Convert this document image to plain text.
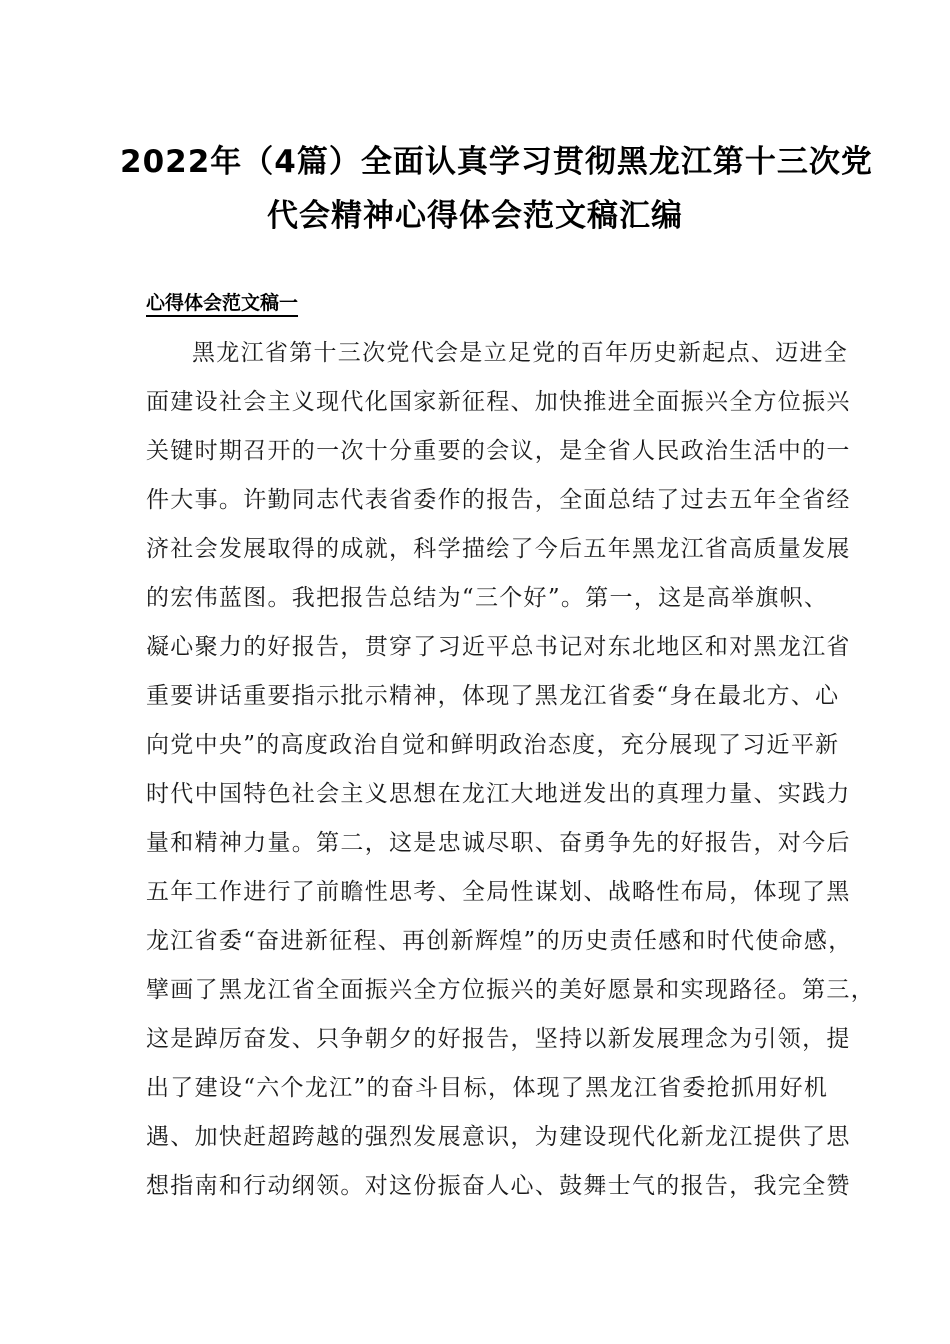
2022年（4篇）全面认真学习贯彻黑龙江第十三次党
代会精神心得体会范文稿汇编
心得体会范文稿一
黑龙江省第十三次党代会是立足党的百年历史新起点、迈进全
面建设社会主义现代化国家新征程、加快推进全面振兴全方位振兴
关键时期召开的一次十分重要的会议，是全省人民政治生活中的一
件大事。许勤同志代表省委作的报告，全面总结了过去五年全省经
济社会发展取得的成就，科学描绘了今后五年黑龙江省高质量发展
的宏伟蓝图。我把报告总结为“三个好”。第一，这是高举旗帜、
凝心聚力的好报告，贯穿了习近平总书记对东北地区和对黑龙江省
重要讲话重要指示批示精神，体现了黑龙江省委“身在最北方、心
向党中央”的高度政治自觉和鲜明政治态度，充分展现了习近平新
时代中国特色社会主义思想在龙江大地迸发出的真理力量、实践力
量和精神力量。第二，这是忠诚尽职、奋勇争先的好报告，对今后
五年工作进行了前瞻性思考、全局性谋划、战略性布局，体现了黑
龙江省委“奋进新征程、再创新辉煌”的历史责任感和时代使命感，
擘画了黑龙江省全面振兴全方位振兴的美好愿景和实现路径。第三，
这是踔厉奋发、只争朝夕的好报告，坚持以新发展理念为引领，提
出了建设“六个龙江”的奋斗目标，体现了黑龙江省委抢抓用好机
遇、加快赶超跨越的强烈发展意识，为建设现代化新龙江提供了思
想指南和行动纲领。对这份振奋人心、鼓舞士气的报告，我完全赞
